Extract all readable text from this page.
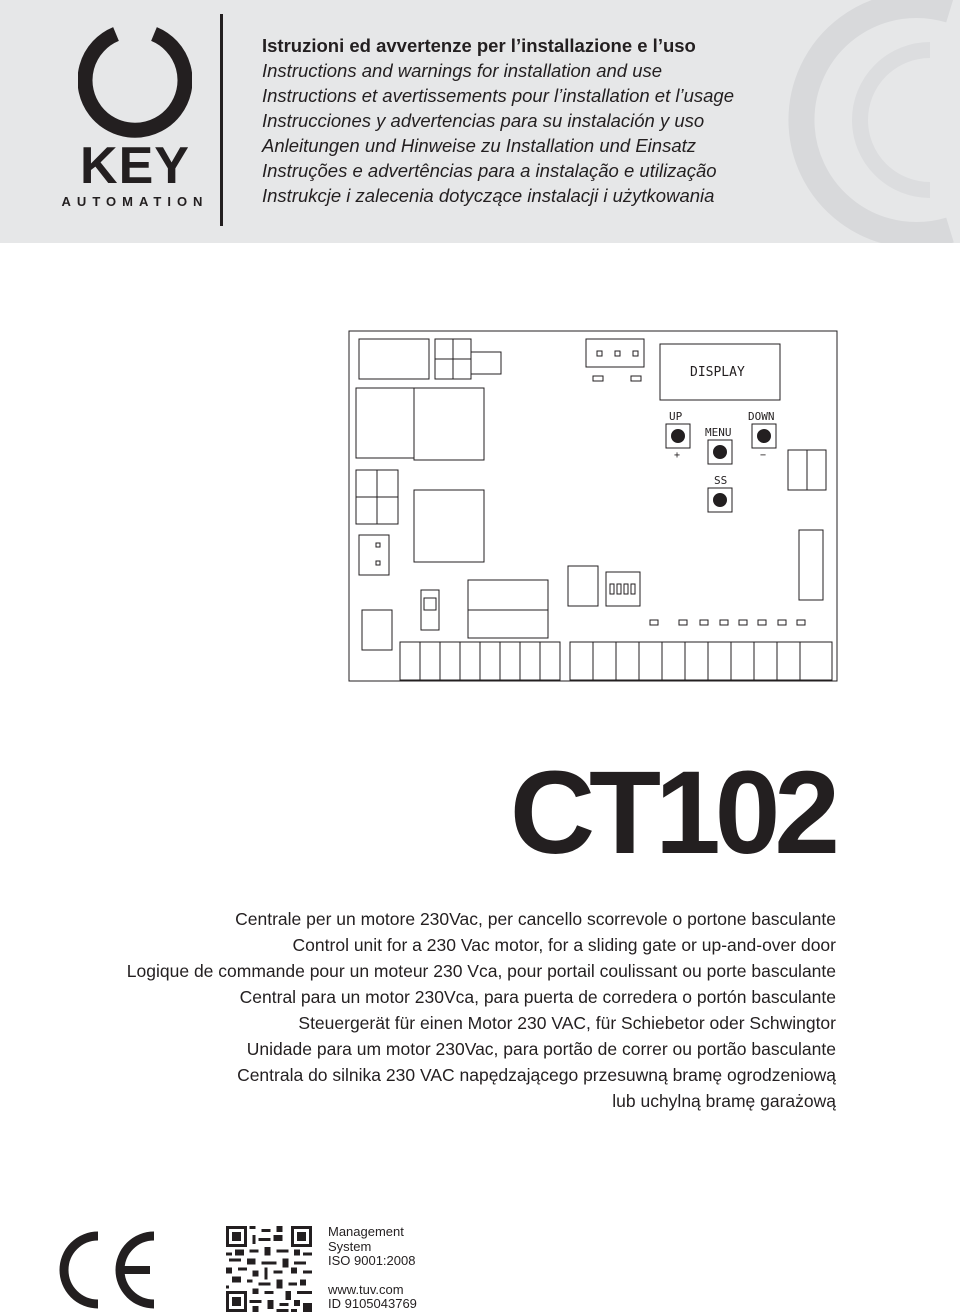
KEY
AUTOMATION
Istruzioni ed avvertenze per l’installazione e l’uso
Instructions and warnings for installation and use
Instructions et avertissements pour l’installation et l’usage
Instrucciones y advertencias para su instalación y uso
Anleitungen und Hinweise zu Installation und Einsatz
Instruções e advertências para a instalação e utilização
Instrukcje i zalecenia dotyczące instalacji i użytkowania
DISPLAY
UP	DOWN
MENU
SS
+	−
CT102
Centrale per un motore 230Vac, per cancello scorrevole o portone basculante
Control unit for a 230 Vac motor, for a sliding gate or up-and-over door
Logique de commande pour un moteur 230 Vca, pour portail coulissant ou porte basculante
Central para un motor 230Vca, para puerta de corredera o portón basculante
Steuergerät für einen Motor 230 VAC, für Schiebetor oder Schwingtor
Unidade para um motor 230Vac, para portão de correr ou portão basculante
Centrala do silnika 230 VAC napędzającego przesuwną bramę ogrodzeniową
lub uchylną bramę garażową
Management
System
ISO 9001:2008
www.tuv.com
ID 9105043769
